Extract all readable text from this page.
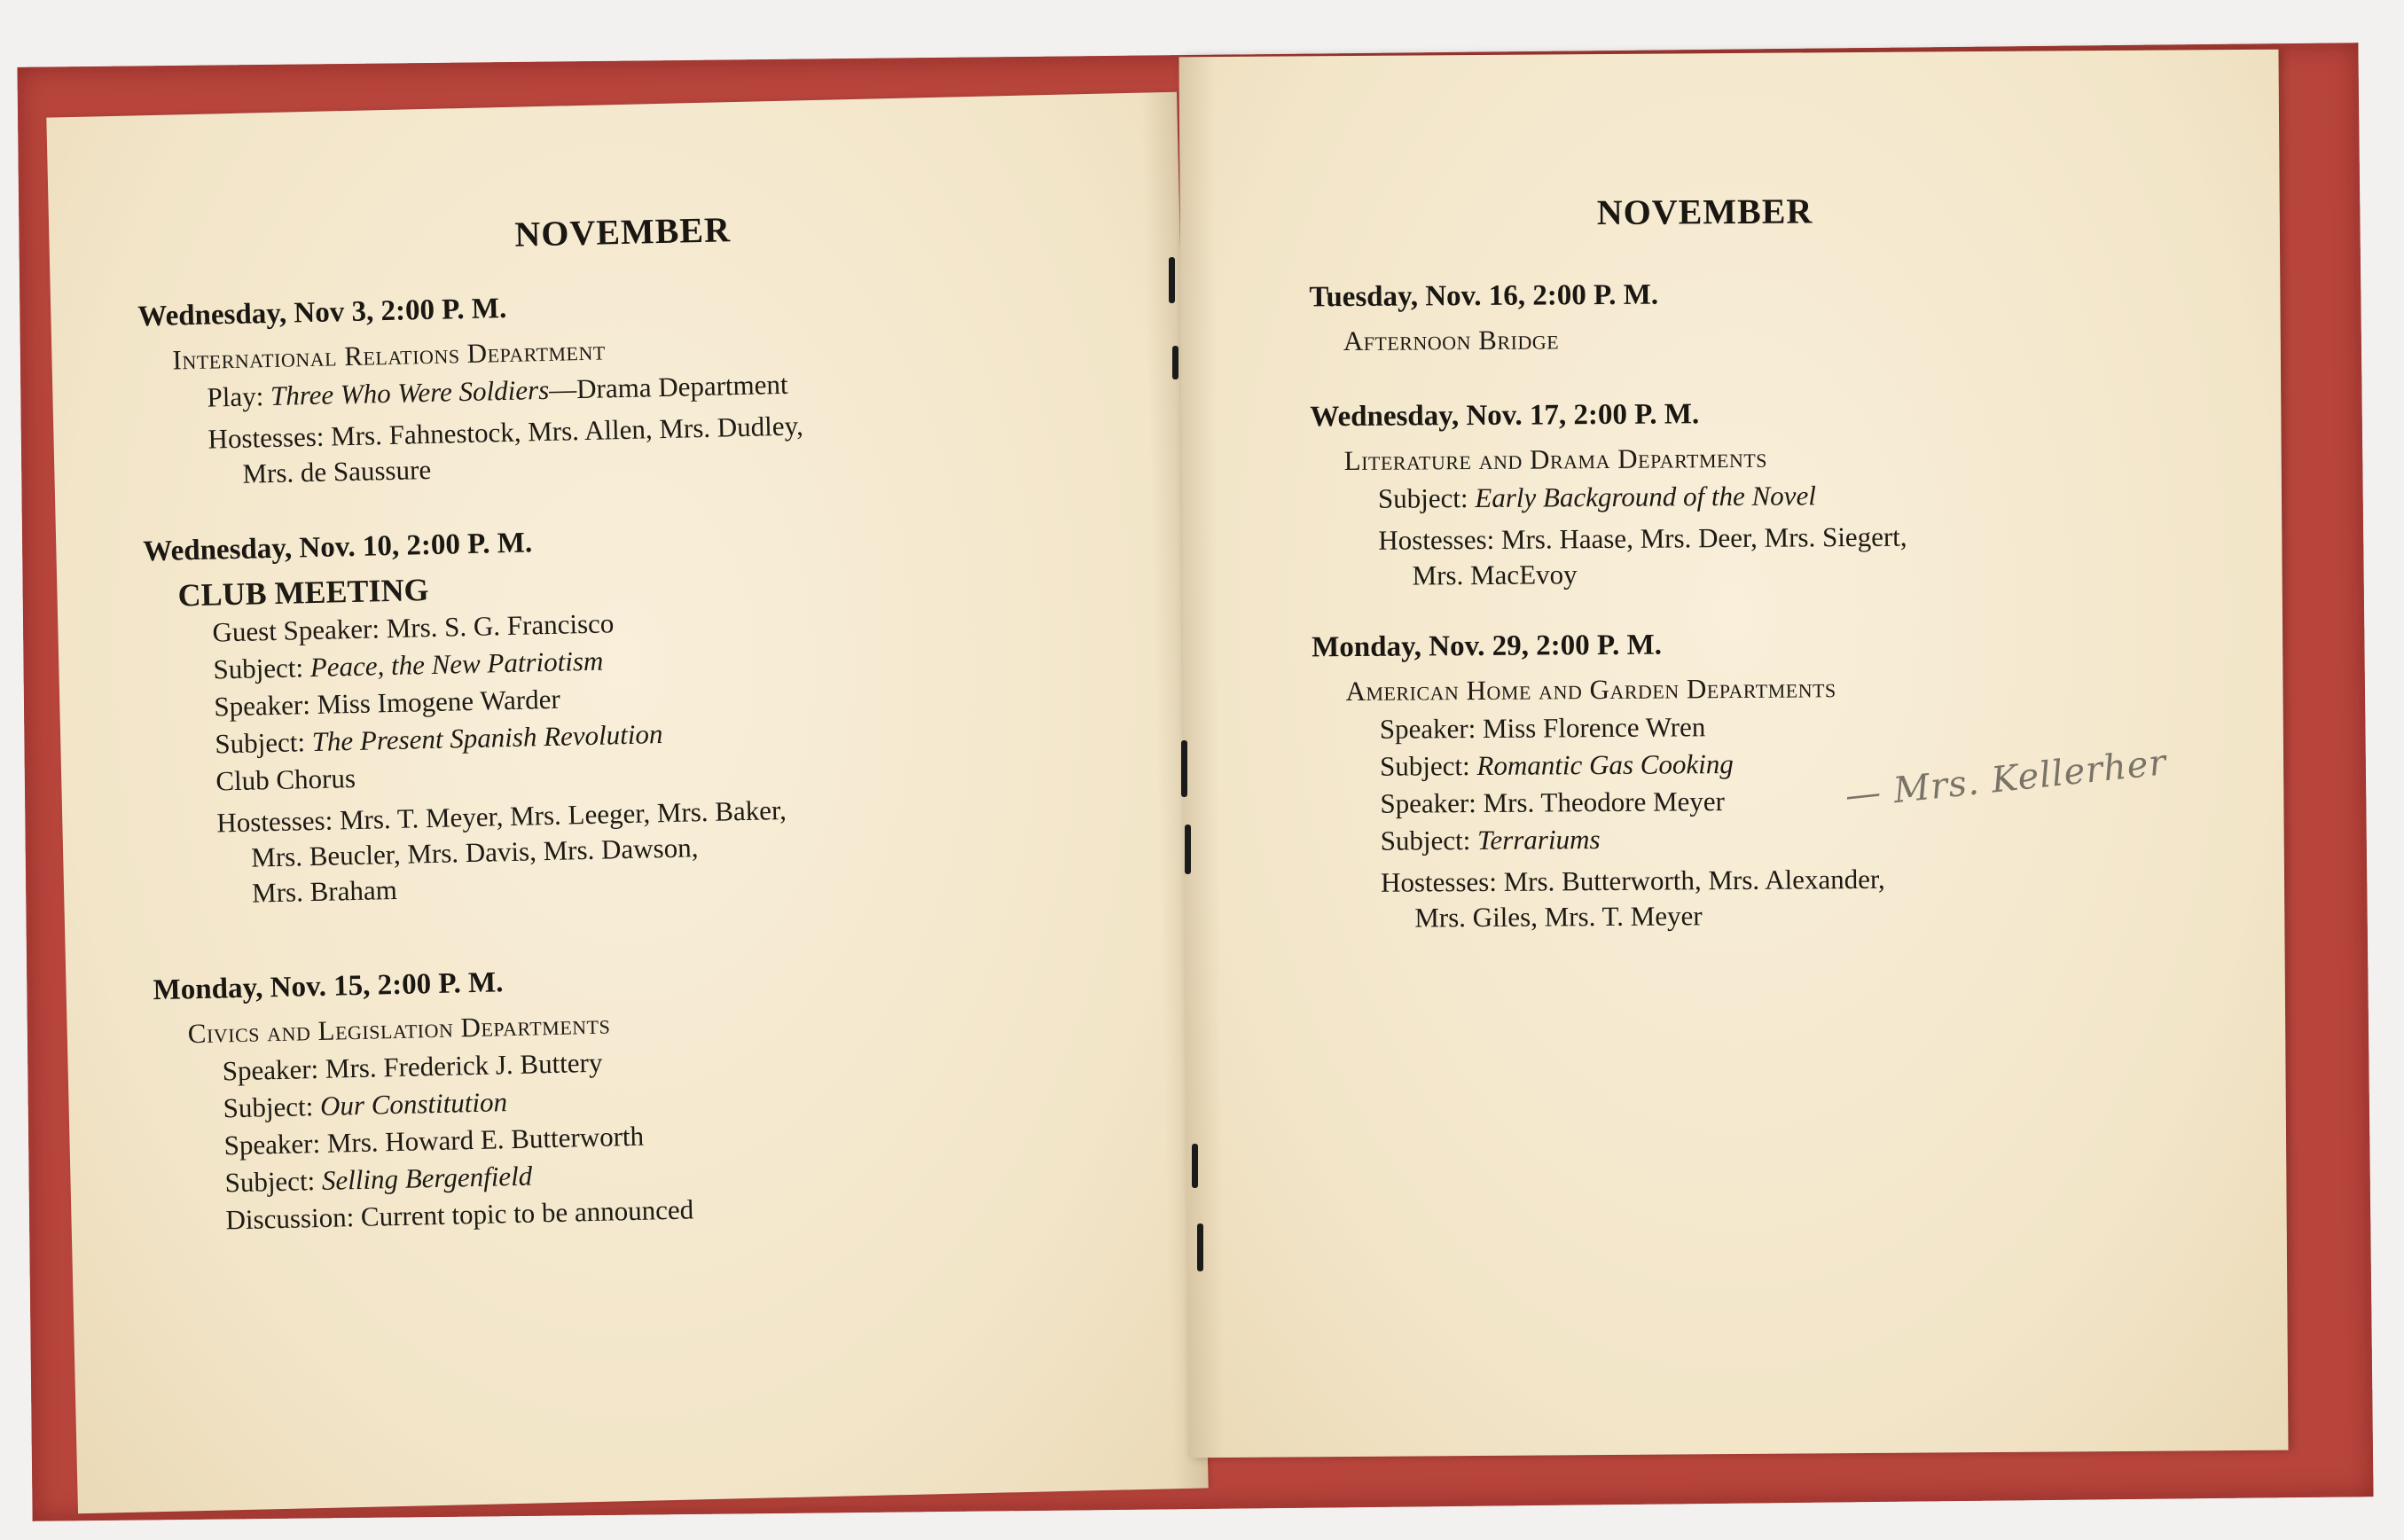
NOVEMBER
Wednesday, Nov 3, 2:00 P. M.
International Relations Department
Play: Three Who Were Soldiers—Drama Department
Hostesses: Mrs. Fahnestock, Mrs. Allen, Mrs. Dudley,
Mrs. de Saussure
Wednesday, Nov. 10, 2:00 P. M.
CLUB MEETING
Guest Speaker: Mrs. S. G. Francisco
Subject: Peace, the New Patriotism
Speaker: Miss Imogene Warder
Subject: The Present Spanish Revolution
Club Chorus
Hostesses: Mrs. T. Meyer, Mrs. Leeger, Mrs. Baker,
Mrs. Beucler, Mrs. Davis, Mrs. Dawson,
Mrs. Braham
Monday, Nov. 15, 2:00 P. M.
Civics and Legislation Departments
Speaker: Mrs. Frederick J. Buttery
Subject: Our Constitution
Speaker: Mrs. Howard E. Butterworth
Subject: Selling Bergenfield
Discussion: Current topic to be announced
NOVEMBER
Tuesday, Nov. 16, 2:00 P. M.
Afternoon Bridge
Wednesday, Nov. 17, 2:00 P. M.
Literature and Drama Departments
Subject: Early Background of the Novel
Hostesses: Mrs. Haase, Mrs. Deer, Mrs. Siegert,
Mrs. MacEvoy
Monday, Nov. 29, 2:00 P. M.
American Home and Garden Departments
Speaker: Miss Florence Wren
Subject: Romantic Gas Cooking
Speaker: Mrs. Theodore Meyer
Subject: Terrariums
Hostesses: Mrs. Butterworth, Mrs. Alexander,
Mrs. Giles, Mrs. T. Meyer
— Mrs. Kellerher
